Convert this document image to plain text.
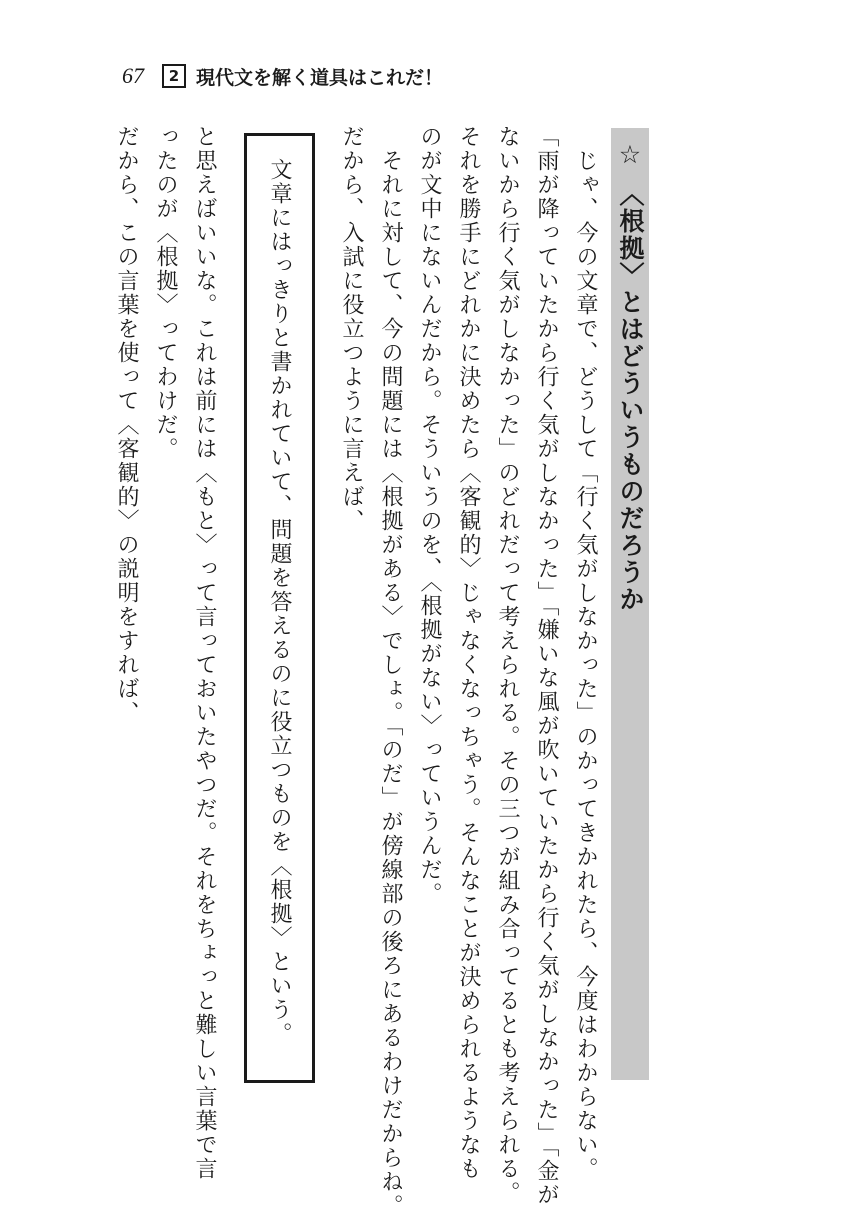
67	2 現代文を解く道具はこれだ！
☆
〈根拠〉とはどういうものだろうか
じゃ、今の文章で、どうして「行く気がしなかった」のかってきかれたら、今度はわからない。
「雨が降っていたから行く気がしなかった」「嫌いな風が吹いていたから行く気がしなかった」「金が
ないから行く気がしなかった」のどれだって考えられる。その三つが組み合ってるとも考えられる。
それを勝手にどれかに決めたら〈客観的〉じゃなくなっちゃう。そんなことが決められるようなも
のが文中にないんだから。そういうのを、〈根拠がない〉っていうんだ。
それに対して、今の問題には〈根拠がある〉でしょ。「のだ」が傍線部の後ろにあるわけだからね。
だから、入試に役立つように言えば、
文章にはっきりと書かれていて、問題を答えるのに役立つものを〈根拠〉という。
と思えばいいな。これは前には〈もと〉って言っておいたやつだ。それをちょっと難しい言葉で言
ったのが〈根拠〉ってわけだ。
だから、この言葉を使って〈客観的〉の説明をすれば、
